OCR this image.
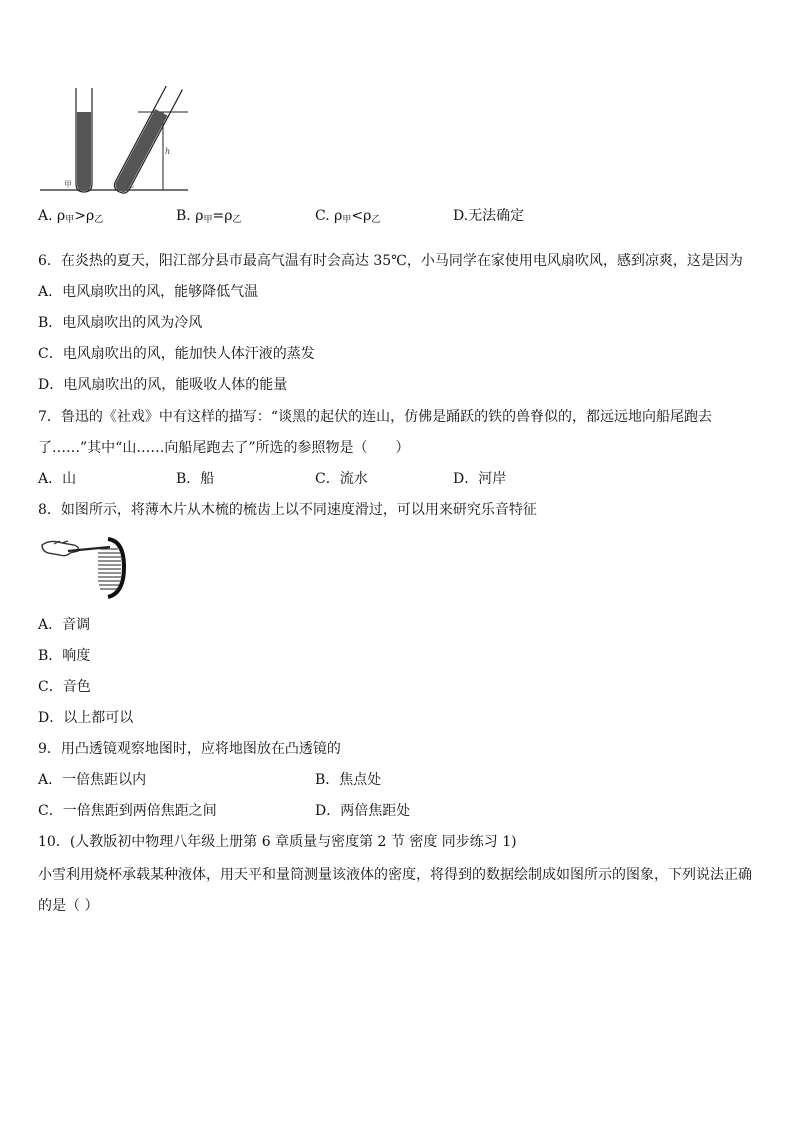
甲	乙
h
A. $\rho_甲>\rho_乙$	B. $\rho_甲=\rho_乙$	C. $\rho_甲<\rho_乙$	D.无法确定
6．在炎热的夏天，阳江部分县市最高气温有时会高达 35℃，小马同学在家使用电风扇吹风，感到凉爽，这是因为
A．电风扇吹出的风，能够降低气温
B．电风扇吹出的风为冷风
C．电风扇吹出的风，能加快人体汗液的蒸发
D．电风扇吹出的风，能吸收人体的能量
7．鲁迅的《社戏》中有这样的描写：“谈黑的起伏的连山，仿佛是踊跃的铁的兽脊似的，都远远地向船尾跑去
了……”其中“山……向船尾跑去了”所选的参照物是（　　）
A．山	B．船	C．流水	D．河岸
8．如图所示，将薄木片从木梳的梳齿上以不同速度滑过，可以用来研究乐音特征
A．音调
B．响度
C．音色
D．以上都可以
9．用凸透镜观察地图时，应将地图放在凸透镜的
A．一倍焦距以内	B．焦点处
C．一倍焦距到两倍焦距之间	D．两倍焦距处
10．(人教版初中物理八年级上册第 6 章质量与密度第 2 节 密度 同步练习 1)
小雪利用烧杯承载某种液体，用天平和量筒测量该液体的密度，将得到的数据绘制成如图所示的图象，下列说法正确
的是（ ）
